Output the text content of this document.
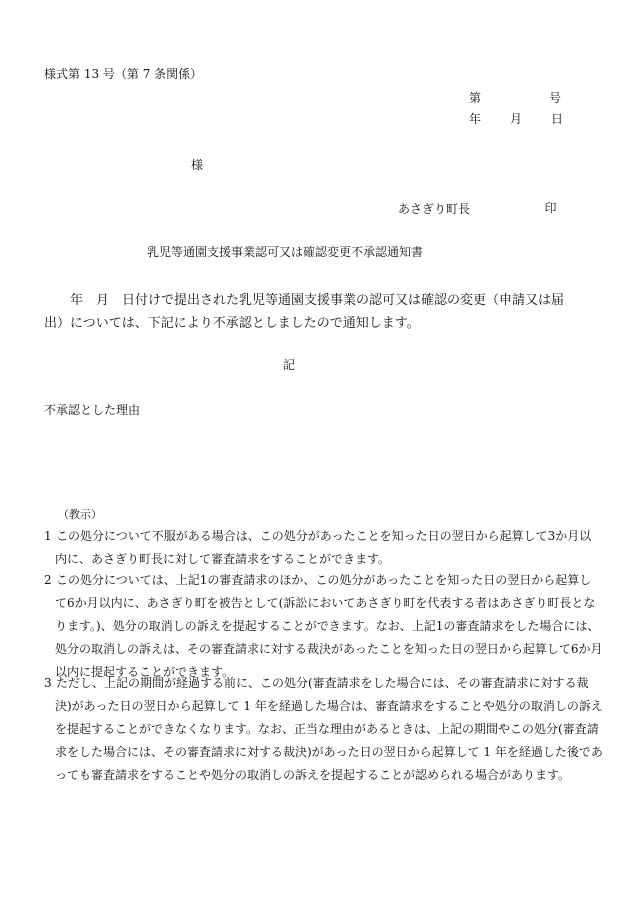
様式第 13 号（第 7 条関係）
第	号
年 月 日
様
あさぎり町長	印
乳児等通園支援事業認可又は確認変更不承認通知書
　　年　月　日付けで提出された乳児等通園支援事業の認可又は確認の変更（申請又は届
出）については、下記により不承認としましたので通知します。
記
不承認とした理由
（教示）
1 この処分について不服がある場合は、この処分があったことを知った日の翌日から起算して3か月以
内に、あさぎり町長に対して審査請求をすることができます。
2 この処分については、上記1の審査請求のほか、この処分があったことを知った日の翌日から起算し
て6か月以内に、あさぎり町を被告として(訴訟においてあさぎり町を代表する者はあさぎり町長とな
ります。)、処分の取消しの訴えを提起することができます。なお、上記1の審査請求をした場合には、
処分の取消しの訴えは、その審査請求に対する裁決があったことを知った日の翌日から起算して6か月
以内に提起することができます。
3 ただし、上記の期間が経過する前に、この処分(審査請求をした場合には、その審査請求に対する裁
決)があった日の翌日から起算して 1 年を経過した場合は、審査請求をすることや処分の取消しの訴え
を提起することができなくなります。なお、正当な理由があるときは、上記の期間やこの処分(審査請
求をした場合には、その審査請求に対する裁決)があった日の翌日から起算して 1 年を経過した後であ
っても審査請求をすることや処分の取消しの訴えを提起することが認められる場合があります。
